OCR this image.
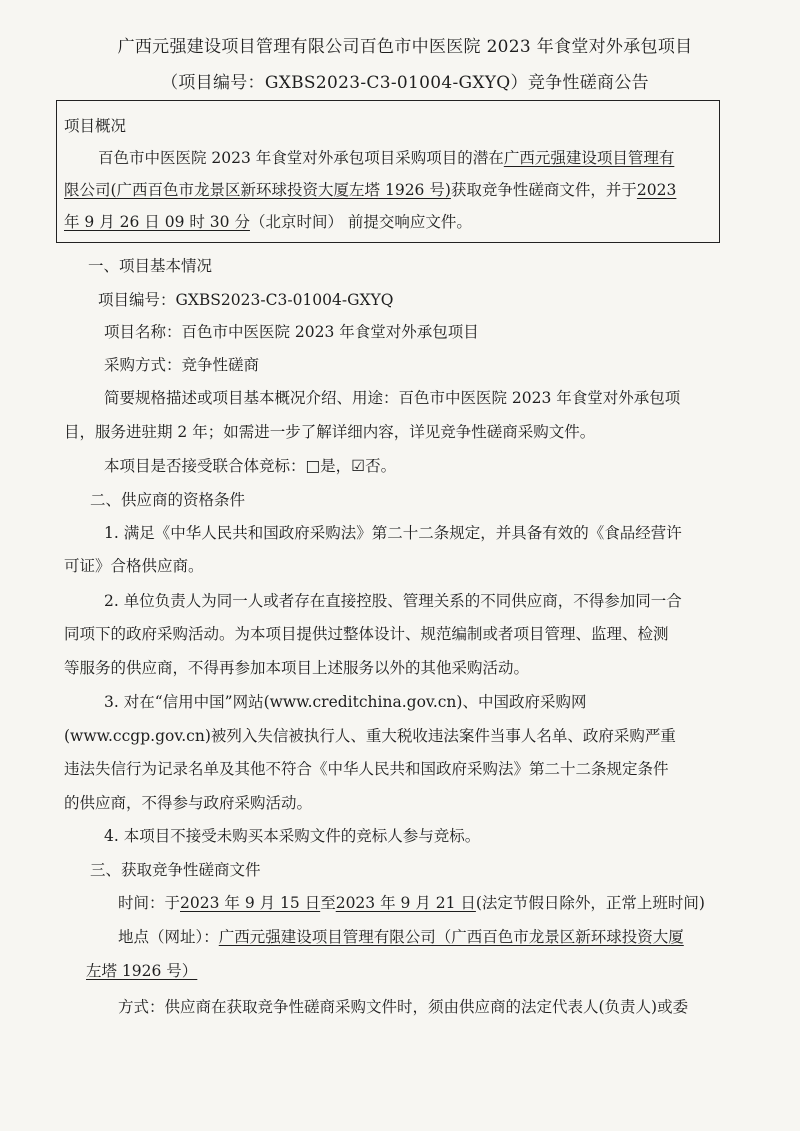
广西元强建设项目管理有限公司百色市中医医院 2023 年食堂对外承包项目
（项目编号：GXBS2023-C3-01004-GXYQ）竞争性磋商公告
项目概况
百色市中医医院 2023 年食堂对外承包项目采购项目的潜在广西元强建设项目管理有
限公司(广西百色市龙景区新环球投资大厦左塔 1926 号)获取竞争性磋商文件，并于2023
年 9 月 26 日 09 时 30 分（北京时间） 前提交响应文件。
一、项目基本情况
项目编号：GXBS2023-C3-01004-GXYQ
项目名称：百色市中医医院 2023 年食堂对外承包项目
采购方式：竞争性磋商
简要规格描述或项目基本概况介绍、用途：百色市中医医院 2023 年食堂对外承包项
目，服务进驻期 2 年；如需进一步了解详细内容，详见竞争性磋商采购文件。
本项目是否接受联合体竞标：□是，☑否。
二、供应商的资格条件
1. 满足《中华人民共和国政府采购法》第二十二条规定，并具备有效的《食品经营许
可证》合格供应商。
2. 单位负责人为同一人或者存在直接控股、管理关系的不同供应商，不得参加同一合
同项下的政府采购活动。为本项目提供过整体设计、规范编制或者项目管理、监理、检测
等服务的供应商，不得再参加本项目上述服务以外的其他采购活动。
3. 对在“信用中国”网站(www.creditchina.gov.cn)、中国政府采购网
(www.ccgp.gov.cn)被列入失信被执行人、重大税收违法案件当事人名单、政府采购严重
违法失信行为记录名单及其他不符合《中华人民共和国政府采购法》第二十二条规定条件
的供应商，不得参与政府采购活动。
4. 本项目不接受未购买本采购文件的竞标人参与竞标。
三、获取竞争性磋商文件
时间：于2023 年 9 月 15 日至2023 年 9 月 21 日(法定节假日除外，正常上班时间)
地点（网址）：广西元强建设项目管理有限公司（广西百色市龙景区新环球投资大厦
左塔 1926 号）
方式：供应商在获取竞争性磋商采购文件时，须由供应商的法定代表人(负责人)或委
